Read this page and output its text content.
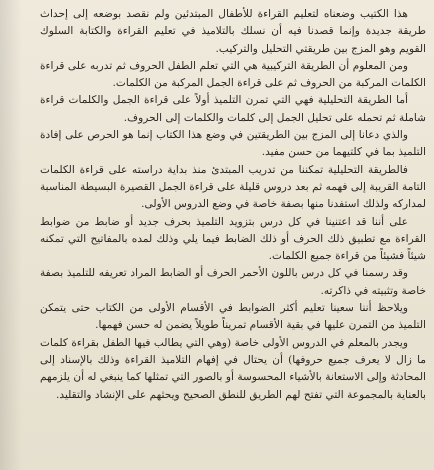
هذا الكتيب وضعناه لتعليم القراءة للأطفال المبتدئين ولم نقصد بوضعه إلى إحداث طريقة جديدة وإنما قصدنا فيه أن نسلك بالتلاميذ في تعليم القراءة والكتابة السلوك القويم وهو المزج بين طريقتي التحليل والتركيب.

ومن المعلوم أن الطريقة التركيبية هي التي تعلم الطفل الحروف ثم تدربه على قراءة الكلمات المركبة من الحروف ثم على قراءة الجمل المركبة من الكلمات.

أما الطريقة التحليلية فهي التي تمرن التلميذ أولاً على قراءة الجمل والكلمات قراءة شاملة ثم تحمله على تحليل الجمل إلى كلمات والكلمات إلى الحروف.

والذي دعانا إلى المزج بين الطريقتين في وضع هذا الكتاب إنما هو الحرص على إفادة التلميذ بما في كلتيهما من حسن مفيد.

فالطريقة التحليلية تمكننا من تدريب المبتدئ منذ بداية دراسته على قراءة الكلمات التامة القريبة إلى فهمه ثم بعد دروس قليلة على قراءة الجمل القصيرة البسيطة المناسبة لمداركه ولذلك استفدنا منها بصفة خاصة في وضع الدروس الأولى.

على أننا قد اعتنينا في كل درس بتزويد التلميذ بحرف جديد أو ضابط من ضوابط القراءة مع تطبيق ذلك الحرف أو ذلك الضابط فيما يلي وذلك لمده بالمفاتيح التي تمكنه شيئاً فشيئاً من قراءة جميع الكلمات.

وقد رسمنا في كل درس باللون الأحمر الحرف أو الضابط المراد تعريفه للتلميذ بصفة خاصة وتثبيته في ذاكرته.

ويلاحظ أننا سعينا تعليم أكثر الضوابط في الأقسام الأولى من الكتاب حتى يتمكن التلميذ من التمرن عليها في بقية الأقسام تمريناً طويلاً يضمن له حسن فهمها.

ويجدر بالمعلم في الدروس الأولى خاصة (وهي التي يطالب فيها الطفل بقراءة كلمات ما زال لا يعرف جميع حروفها) أن يحتال في إفهام التلاميذ القراءة وذلك بالإسناد إلى المحادثة وإلى الاستعانة بالأشياء المحسوسة أو بالصور التي تمثلها كما ينبغي له أن يلزمهم بالعناية بالمجموعة التي تفتح لهم الطريق للنطق الصحيح ويحثهم على الإنشاد والتقليد.
